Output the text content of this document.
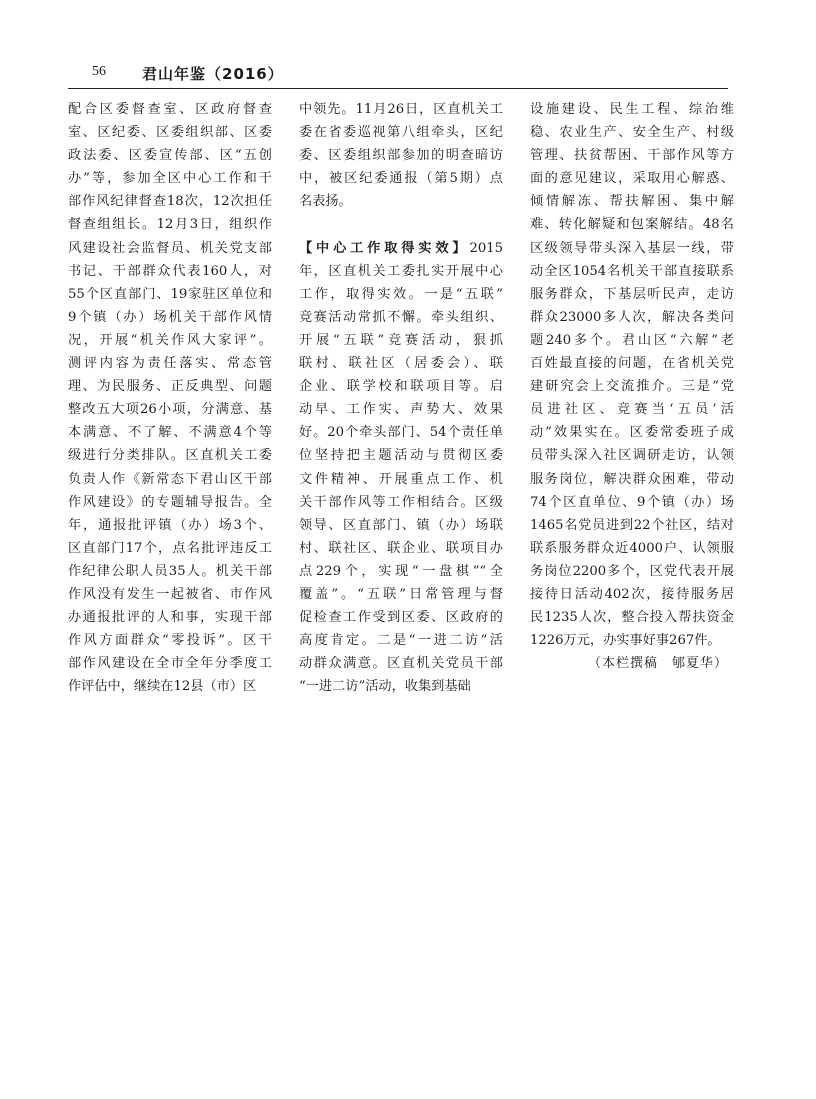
56 君山年鉴（2016）
配合区委督查室、区政府督查
室、区纪委、区委组织部、区委
政法委、区委宣传部、区“五创
办”等，参加全区中心工作和干
部作风纪律督查18次，12次担任
督查组组长。12月3日，组织作
风建设社会监督员、机关党支部
书记、干部群众代表160人，对
55个区直部门、19家驻区单位和
9个镇（办）场机关干部作风情
况，开展“机关作风大家评”。
测评内容为责任落实、常态管
理、为民服务、正反典型、问题
整改五大项26小项，分满意、基
本满意、不了解、不满意4个等
级进行分类排队。区直机关工委
负责人作《新常态下君山区干部
作风建设》的专题辅导报告。全
年，通报批评镇（办）场3个、
区直部门17个，点名批评违反工
作纪律公职人员35人。机关干部
作风没有发生一起被省、市作风
办通报批评的人和事，实现干部
作风方面群众“零投诉”。区干
部作风建设在全市全年分季度工
作评估中，继续在12县（市）区
中领先。11月26日，区直机关工
委在省委巡视第八组牵头，区纪
委、区委组织部参加的明查暗访
中，被区纪委通报（第5期）点
名表扬。
【中心工作取得实效】2015
年，区直机关工委扎实开展中心
工作，取得实效。一是“五联”
竞赛活动常抓不懈。牵头组织、
开展“五联”竞赛活动，狠抓
联村、联社区（居委会）、联
企业、联学校和联项目等。启
动早、工作实、声势大、效果
好。20个牵头部门、54个责任单
位坚持把主题活动与贯彻区委
文件精神、开展重点工作、机
关干部作风等工作相结合。区级
领导、区直部门、镇（办）场联
村、联社区、联企业、联项目办
点229个，实现“一盘棋”“全
覆盖”。“五联”日常管理与督
促检查工作受到区委、区政府的
高度肯定。二是“一进二访”活
动群众满意。区直机关党员干部
“一进二访”活动，收集到基础
设施建设、民生工程、综治维
稳、农业生产、安全生产、村级
管理、扶贫帮困、干部作风等方
面的意见建议，采取用心解惑、
倾情解冻、帮扶解困、集中解
难、转化解疑和包案解结。48名
区级领导带头深入基层一线，带
动全区1054名机关干部直接联系
服务群众，下基层听民声，走访
群众23000多人次，解决各类问
题240多个。君山区“六解”老
百姓最直接的问题，在省机关党
建研究会上交流推介。三是“党
员进社区、竞赛当‘五员’活
动”效果实在。区委常委班子成
员带头深入社区调研走访，认领
服务岗位，解决群众困难，带动
74个区直单位、9个镇（办）场
1465名党员进到22个社区，结对
联系服务群众近4000户、认领服
务岗位2200多个，区党代表开展
接待日活动402次，接待服务居
民1235人次，整合投入帮扶资金
1226万元，办实事好事267件。
（本栏撰稿　郇夏华）
